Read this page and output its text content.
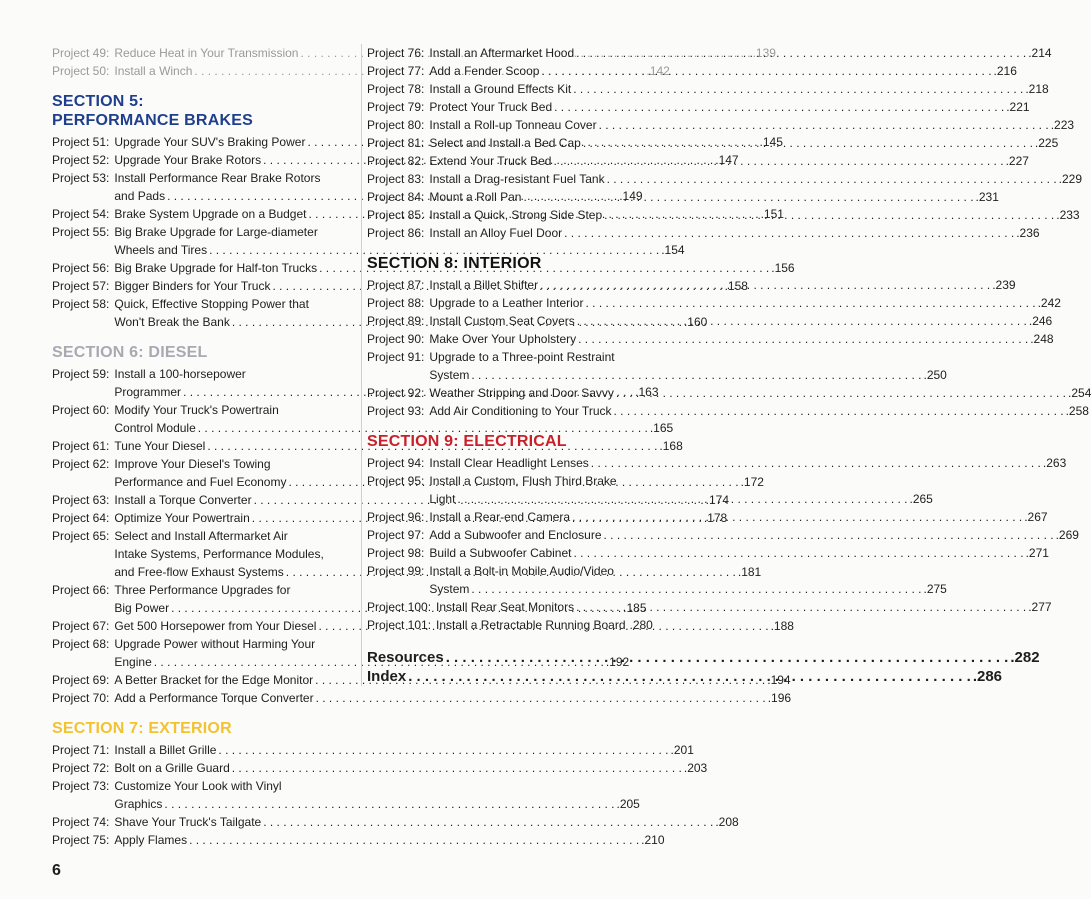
Project 49: Reduce Heat in Your Transmission . . .	.139
Project 50: Install a Winch . . .	.142
SECTION 5:
PERFORMANCE BRAKES
Project 51: Upgrade Your SUV's Braking Power . . .	.145
Project 52: Upgrade Your Brake Rotors . . .	.147
Project 53: Install Performance Rear Brake Rotors
and Pads . . .	.149
Project 54: Brake System Upgrade on a Budget . . .	.151
Project 55: Big Brake Upgrade for Large-diameter
Wheels and Tires . . .	.154
Project 56: Big Brake Upgrade for Half-ton Trucks . . .	.156
Project 57: Bigger Binders for Your Truck . . .	.158
Project 58: Quick, Effective Stopping Power that
Won't Break the Bank . . .	.160
SECTION 6: DIESEL
Project 59: Install a 100-horsepower
Programmer . . .	.163
Project 60: Modify Your Truck's Powertrain
Control Module . . .	.165
Project 61: Tune Your Diesel . . .	.168
Project 62: Improve Your Diesel's Towing
Performance and Fuel Economy . . .	.172
Project 63: Install a Torque Converter . . .	.174
Project 64: Optimize Your Powertrain . . .	.178
Project 65: Select and Install Aftermarket Air
Intake Systems, Performance Modules,
and Free-flow Exhaust Systems . . .	.181
Project 66: Three Performance Upgrades for
Big Power . . .	.185
Project 67: Get 500 Horsepower from Your Diesel . . .	.188
Project 68: Upgrade Power without Harming Your
Engine . . .	.192
Project 69: A Better Bracket for the Edge Monitor . . .	.194
Project 70: Add a Performance Torque Converter . . .	.196
SECTION 7: EXTERIOR
Project 71: Install a Billet Grille . . .	.201
Project 72: Bolt on a Grille Guard . . .	.203
Project 73: Customize Your Look with Vinyl
Graphics . . .	.205
Project 74: Shave Your Truck's Tailgate . . .	.208
Project 75: Apply Flames . . .	.210
Project 76: Install an Aftermarket Hood . . .	.214
Project 77: Add a Fender Scoop . . .	.216
Project 78: Install a Ground Effects Kit . . .	.218
Project 79: Protect Your Truck Bed . . .	.221
Project 80: Install a Roll-up Tonneau Cover . . .	.223
Project 81: Select and Install a Bed Cap . . .	.225
Project 82: Extend Your Truck Bed . . .	.227
Project 83: Install a Drag-resistant Fuel Tank . . .	.229
Project 84: Mount a Roll Pan . . .	.231
Project 85: Install a Quick, Strong Side Step . . .	.233
Project 86: Install an Alloy Fuel Door . . .	.236
SECTION 8: INTERIOR
Project 87: Install a Billet Shifter . . .	.239
Project 88: Upgrade to a Leather Interior . . .	.242
Project 89: Install Custom Seat Covers . . .	.246
Project 90: Make Over Your Upholstery . . .	.248
Project 91: Upgrade to a Three-point Restraint
System . . .	.250
Project 92: Weather Stripping and Door Savvy . . .	.254
Project 93: Add Air Conditioning to Your Truck . . .	.258
SECTION 9: ELECTRICAL
Project 94: Install Clear Headlight Lenses . . .	.263
Project 95: Install a Custom, Flush Third Brake
Light . . .	.265
Project 96: Install a Rear-end Camera . . .	.267
Project 97: Add a Subwoofer and Enclosure . . .	.269
Project 98: Build a Subwoofer Cabinet . . .	.271
Project 99: Install a Bolt-in Mobile Audio/Video
System . . .	.275
Project 100: Install Rear Seat Monitors . . .	.277
Project 101: Install a Retractable Running Board .280
Resources . . .	.282
Index . . .	.286
6
